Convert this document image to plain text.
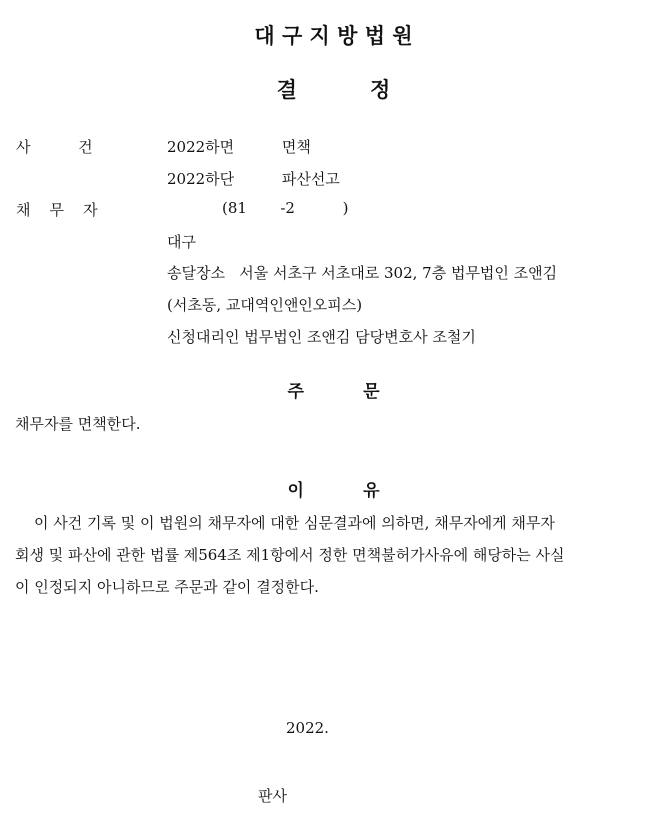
대 구 지 방 법 원
결          정
사          건	2022하면          면책
2022하단          파산선고
채    무    자	(81       -2          )
대구
송달장소   서울 서초구 서초대로 302, 7층 법무법인 조앤김
(서초동, 교대역인앤인오피스)
신청대리인 법무법인 조앤김 담당변호사 조철기
주          문
채무자를 면책한다.
이          유
이 사건 기록 및 이 법원의 채무자에 대한 심문결과에 의하면, 채무자에게 채무자
회생 및 파산에 관한 법률 제564조 제1항에서 정한 면책불허가사유에 해당하는 사실
이 인정되지 아니하므로 주문과 같이 결정한다.
2022.
판사
